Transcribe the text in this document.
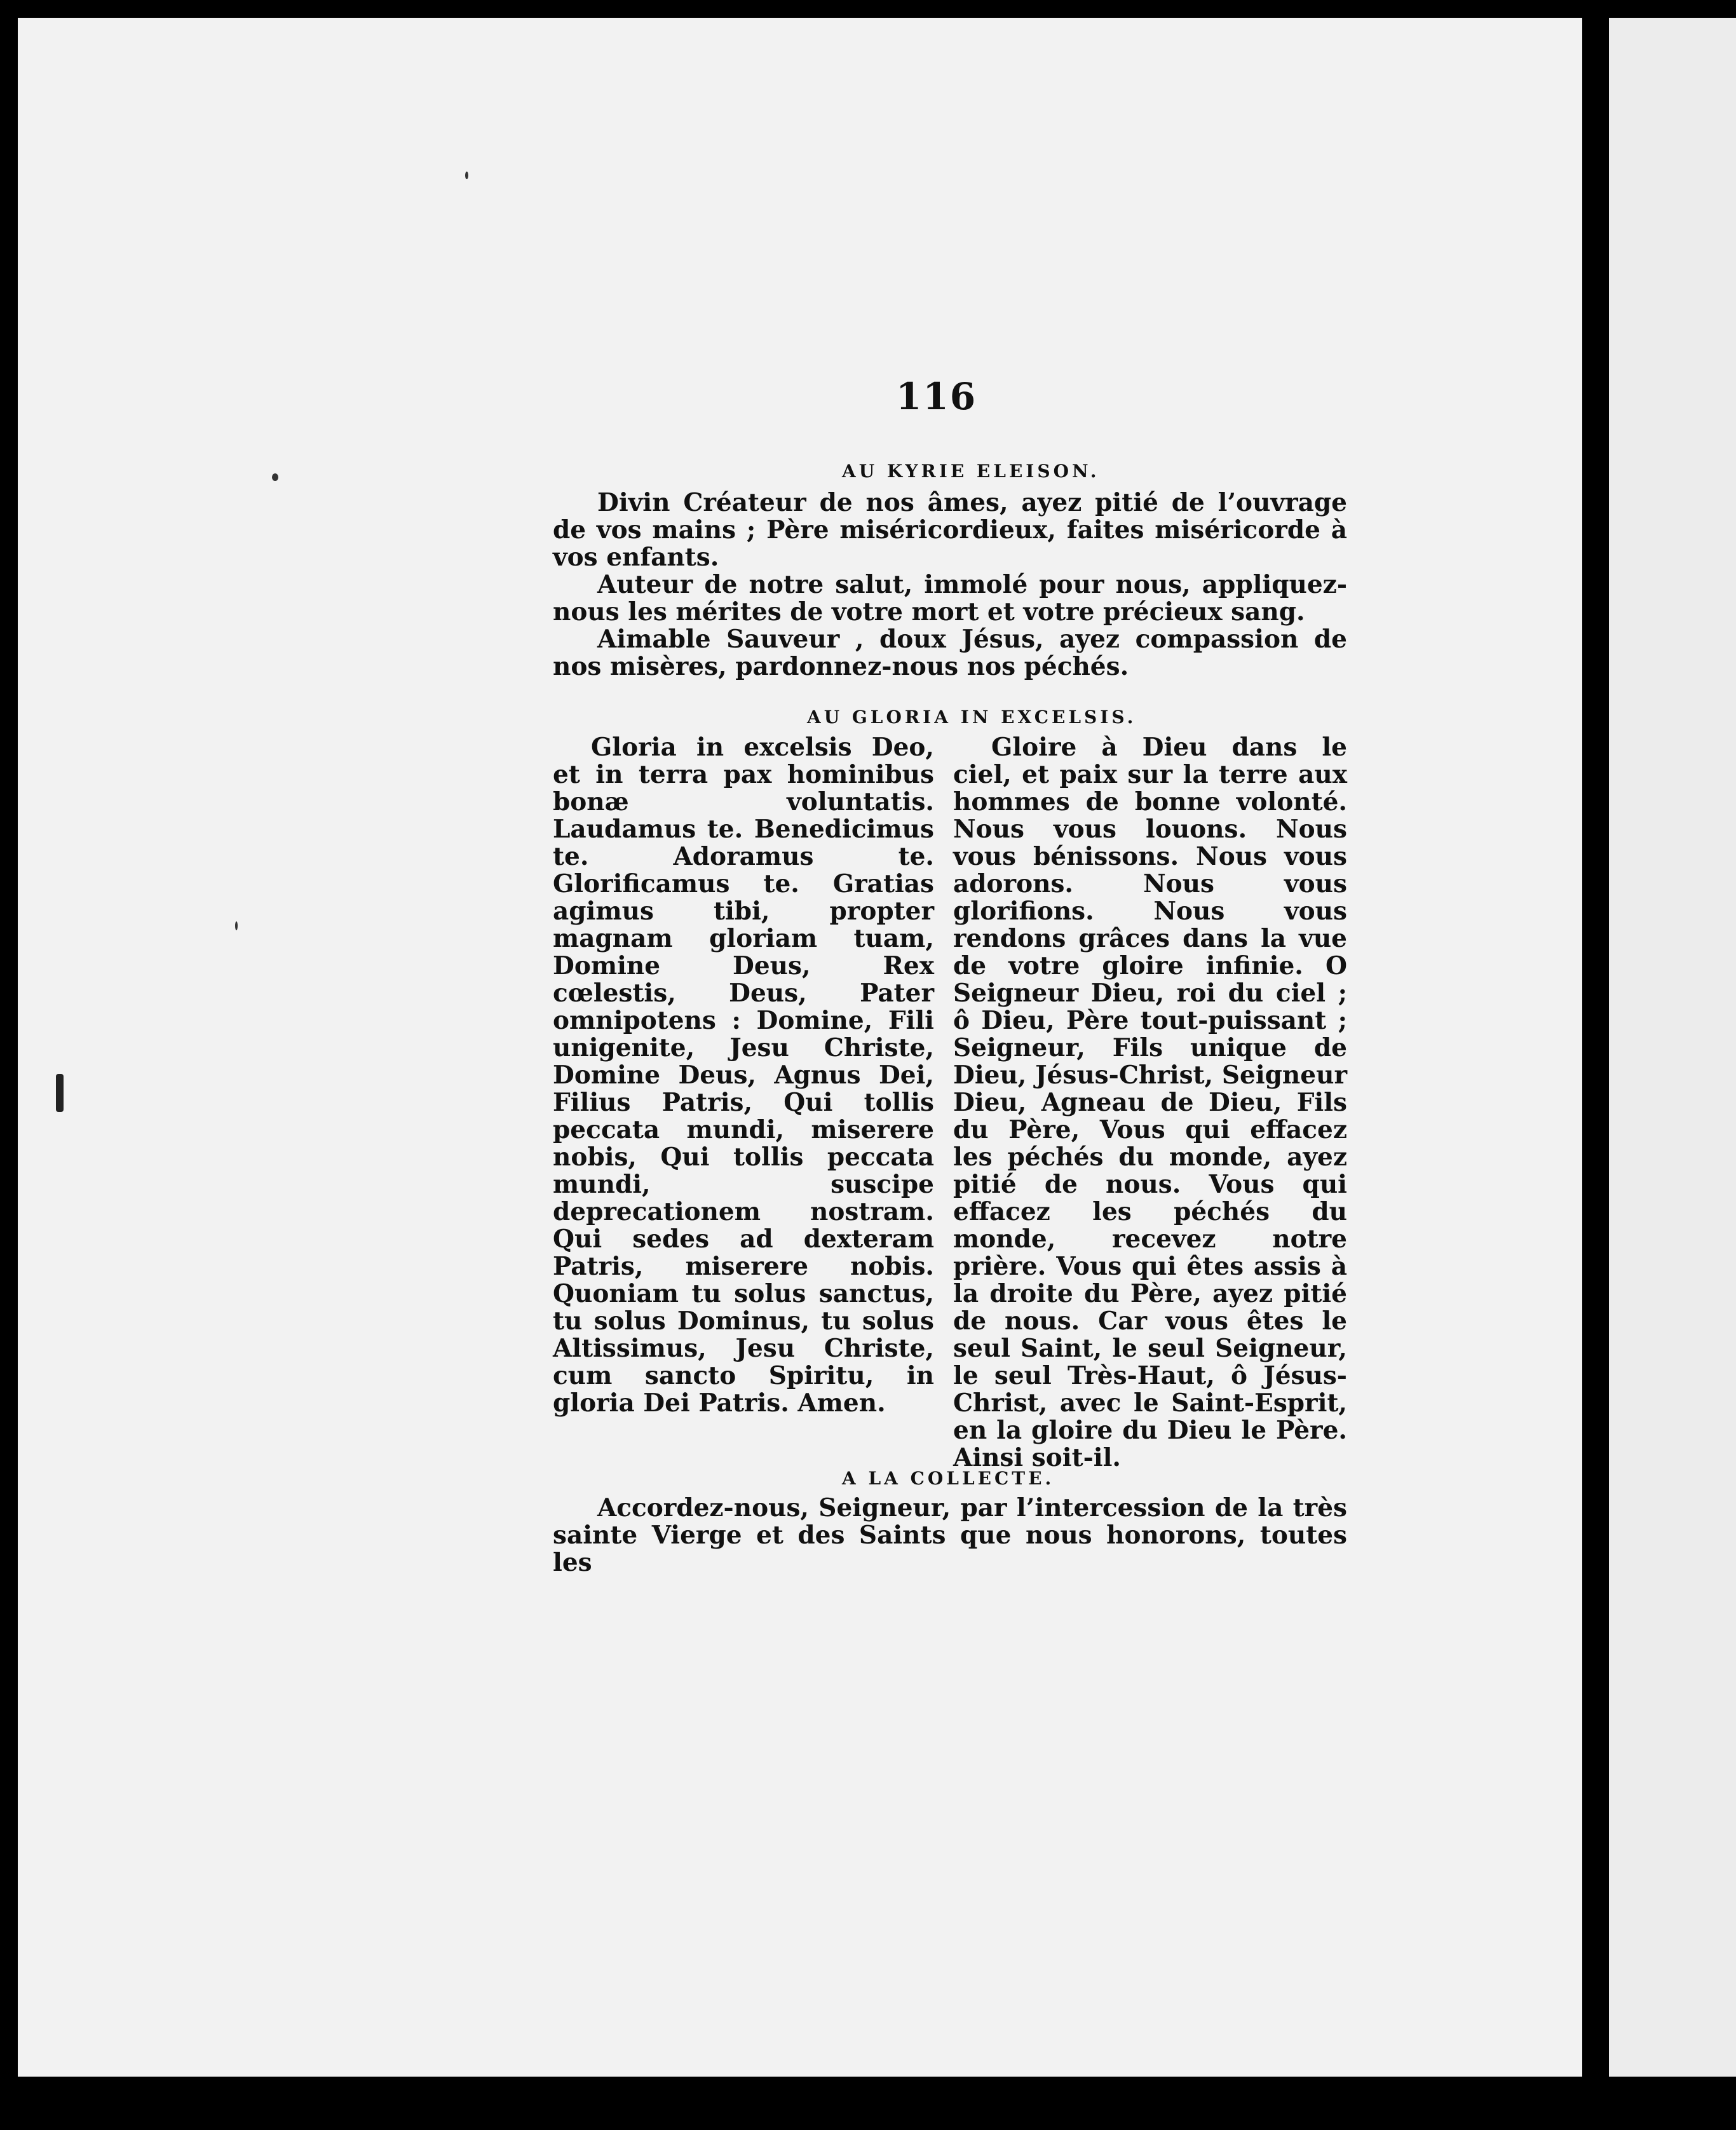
116
AU KYRIE ELEISON.

Divin Créateur de nos âmes, ayez pitié de l’ouvrage de vos mains ; Père miséricordieux, faites miséricorde à vos enfants.

Auteur de notre salut, immolé pour nous, appliquez-nous les mérites de votre mort et votre précieux sang.

Aimable Sauveur , doux Jésus, ayez compassion de nos misères, pardonnez-nous nos péchés.

AU GLORIA IN EXCELSIS.

Gloria in excelsis Deo, et in terra pax hominibus bonæ voluntatis. Laudamus te. Benedicimus te. Adoramus te. Glorificamus te. Gratias agimus tibi, propter magnam gloriam tuam, Domine Deus, Rex cœlestis, Deus, Pater omnipotens : Domine, Fili unigenite, Jesu Christe, Domine Deus, Agnus Dei, Filius Patris, Qui tollis peccata mundi, miserere nobis, Qui tollis peccata mundi, suscipe deprecationem nostram. Qui sedes ad dexteram Patris, miserere nobis. Quoniam tu solus sanctus, tu solus Dominus, tu solus Altissimus, Jesu Christe, cum sancto Spiritu, in gloria Dei Patris. Amen.

Gloire à Dieu dans le ciel, et paix sur la terre aux hommes de bonne volonté. Nous vous louons. Nous vous bénissons. Nous vous adorons. Nous vous glorifions. Nous vous rendons grâces dans la vue de votre gloire infinie. O Seigneur Dieu, roi du ciel ; ô Dieu, Père tout-puissant ; Seigneur, Fils unique de Dieu, Jésus-Christ, Seigneur Dieu, Agneau de Dieu, Fils du Père, Vous qui effacez les péchés du monde, ayez pitié de nous. Vous qui effacez les péchés du monde, recevez notre prière. Vous qui êtes assis à la droite du Père, ayez pitié de nous. Car vous êtes le seul Saint, le seul Seigneur, le seul Très-Haut, ô Jésus-Christ, avec le Saint-Esprit, en la gloire du Dieu le Père. Ainsi soit-il.

A LA COLLECTE.

Accordez-nous, Seigneur, par l’intercession de la très sainte Vierge et des Saints que nous honorons, toutes les
